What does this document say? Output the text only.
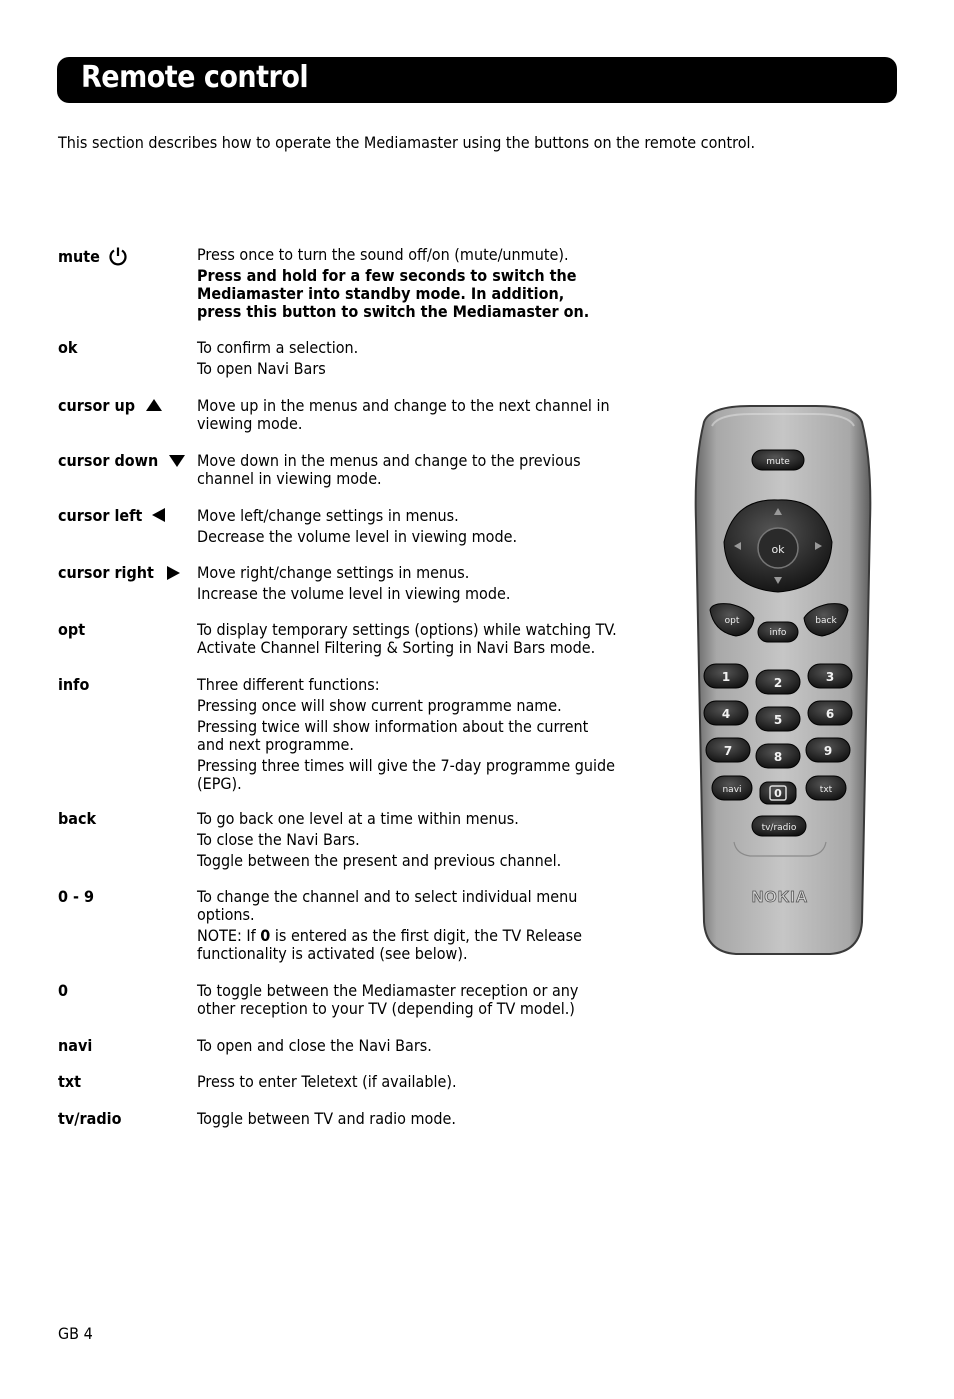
Remote control
This section describes how to operate the Mediamaster using the buttons on the remote control.
mute	Press once to turn the sound off/on (mute/unmute).
Press and hold for a few seconds to switch the
Mediamaster into standby mode. In addition,
press this button to switch the Mediamaster on.
ok	To confirm a selection.
To open Navi Bars
cursor up	Move up in the menus and change to the next channel in
viewing mode.
cursor down	Move down in the menus and change to the previous
channel in viewing mode.
cursor left	Move left/change settings in menus.
Decrease the volume level in viewing mode.
cursor right	Move right/change settings in menus.
Increase the volume level in viewing mode.
opt	To display temporary settings (options) while watching TV.
Activate Channel Filtering & Sorting in Navi Bars mode.
info	Three different functions:
Pressing once will show current programme name.
Pressing twice will show information about the current
and next programme.
Pressing three times will give the 7-day programme guide
(EPG).
back	To go back one level at a time within menus.
To close the Navi Bars.
Toggle between the present and previous channel.
0 - 9	To change the channel and to select individual menu
options.
NOTE: If 0 is entered as the first digit, the TV Release
functionality is activated (see below).
0	To toggle between the Mediamaster reception or any
other reception to your TV (depending of TV model.)
navi	To open and close the Navi Bars.
txt	Press to enter Teletext (if available).
tv/radio	Toggle between TV and radio mode.
mute
ok
opt
info
back
1	2	3
4	5	6
7	8	9
navi	0	txt
tv/radio
NOKIA
GB 4
